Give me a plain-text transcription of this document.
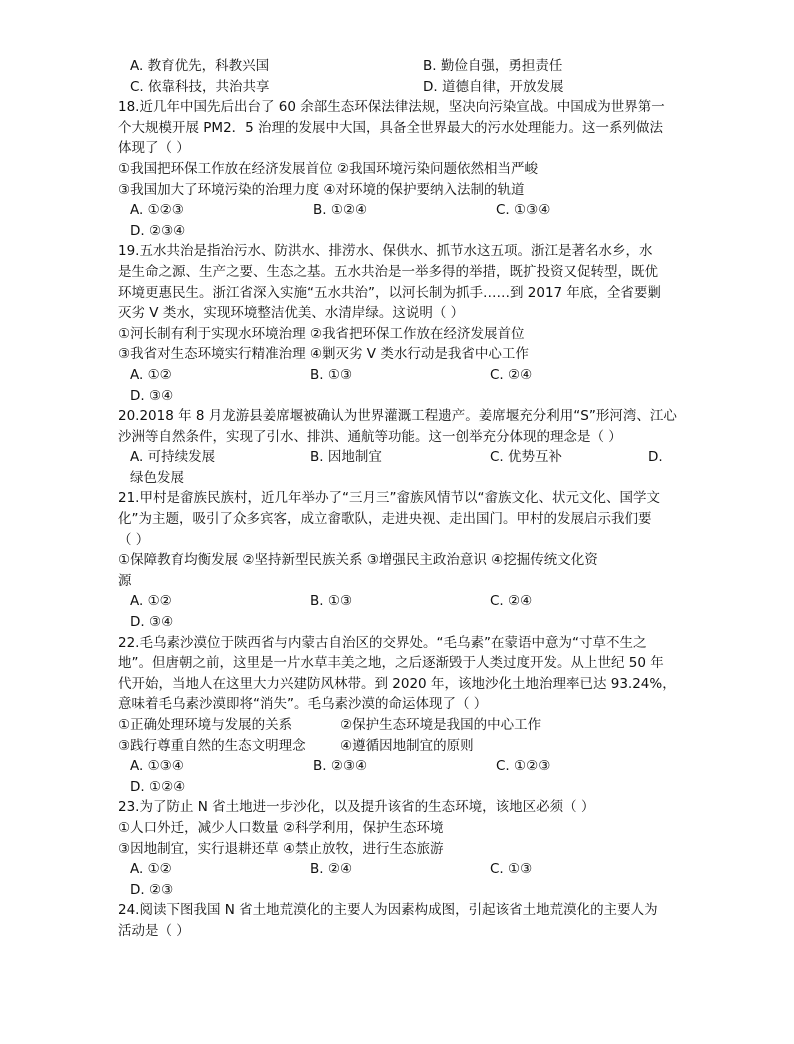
A. 教育优先，科教兴国	B. 勤俭自强，勇担责任
C. 依靠科技，共治共享	D. 道德自律，开放发展
18.近几年中国先后出台了 60 余部生态环保法律法规，坚决向污染宣战。中国成为世界第一
个大规模开展 PM2．5 治理的发展中大国，具备全世界最大的污水处理能力。这一系列做法
体现了（ ）
①我国把环保工作放在经济发展首位 ②我国环境污染问题依然相当严峻
③我国加大了环境污染的治理力度 ④对环境的保护要纳入法制的轨道
A. ①②③	B. ①②④	C. ①③④
D. ②③④
19.五水共治是指治污水、防洪水、排涝水、保供水、抓节水这五项。浙江是著名水乡，水
是生命之源、生产之要、生态之基。五水共治是一举多得的举措，既扩投资又促转型，既优
环境更惠民生。浙江省深入实施“五水共治”，以河长制为抓手……到 2017 年底，全省要剿
灭劣 V 类水，实现环境整洁优美、水清岸绿。这说明（ ）
①河长制有利于实现水环境治理 ②我省把环保工作放在经济发展首位
③我省对生态环境实行精准治理 ④剿灭劣 V 类水行动是我省中心工作
A. ①②	B. ①③	C. ②④
D. ③④
20.2018 年 8 月龙游县姜席堰被确认为世界灌溉工程遗产。姜席堰充分利用“S”形河湾、江心
沙洲等自然条件，实现了引水、排洪、通航等功能。这一创举充分体现的理念是（ ）
A. 可持续发展	B. 因地制宜	C. 优势互补	D.
绿色发展
21.甲村是畲族民族村，近几年举办了“三月三”畲族风情节以“畲族文化、状元文化、国学文
化”为主题，吸引了众多宾客，成立畲歌队，走进央视、走出国门。甲村的发展启示我们要
（ ）
①保障教育均衡发展 ②坚持新型民族关系 ③增强民主政治意识 ④挖掘传统文化资
源
A. ①②	B. ①③	C. ②④
D. ③④
22.毛乌素沙漠位于陕西省与内蒙古自治区的交界处。“毛乌素”在蒙语中意为“寸草不生之
地”。但唐朝之前，这里是一片水草丰美之地，之后逐渐毁于人类过度开发。从上世纪 50 年
代开始，当地人在这里大力兴建防风林带。到 2020 年，该地沙化土地治理率已达 93.24%，
意味着毛乌素沙漠即将“消失”。毛乌素沙漠的命运体现了（ ）
①正确处理环境与发展的关系	②保护生态环境是我国的中心工作
③践行尊重自然的生态文明理念	④遵循因地制宜的原则
A. ①③④	B. ②③④	C. ①②③
D. ①②④
23.为了防止 N 省土地进一步沙化，以及提升该省的生态环境，该地区必须（ ）
①人口外迁，减少人口数量 ②科学利用，保护生态环境
③因地制宜，实行退耕还草 ④禁止放牧，进行生态旅游
A. ①②	B. ②④	C. ①③
D. ②③
24.阅读下图我国 N 省土地荒漠化的主要人为因素构成图，引起该省土地荒漠化的主要人为
活动是（ ）
